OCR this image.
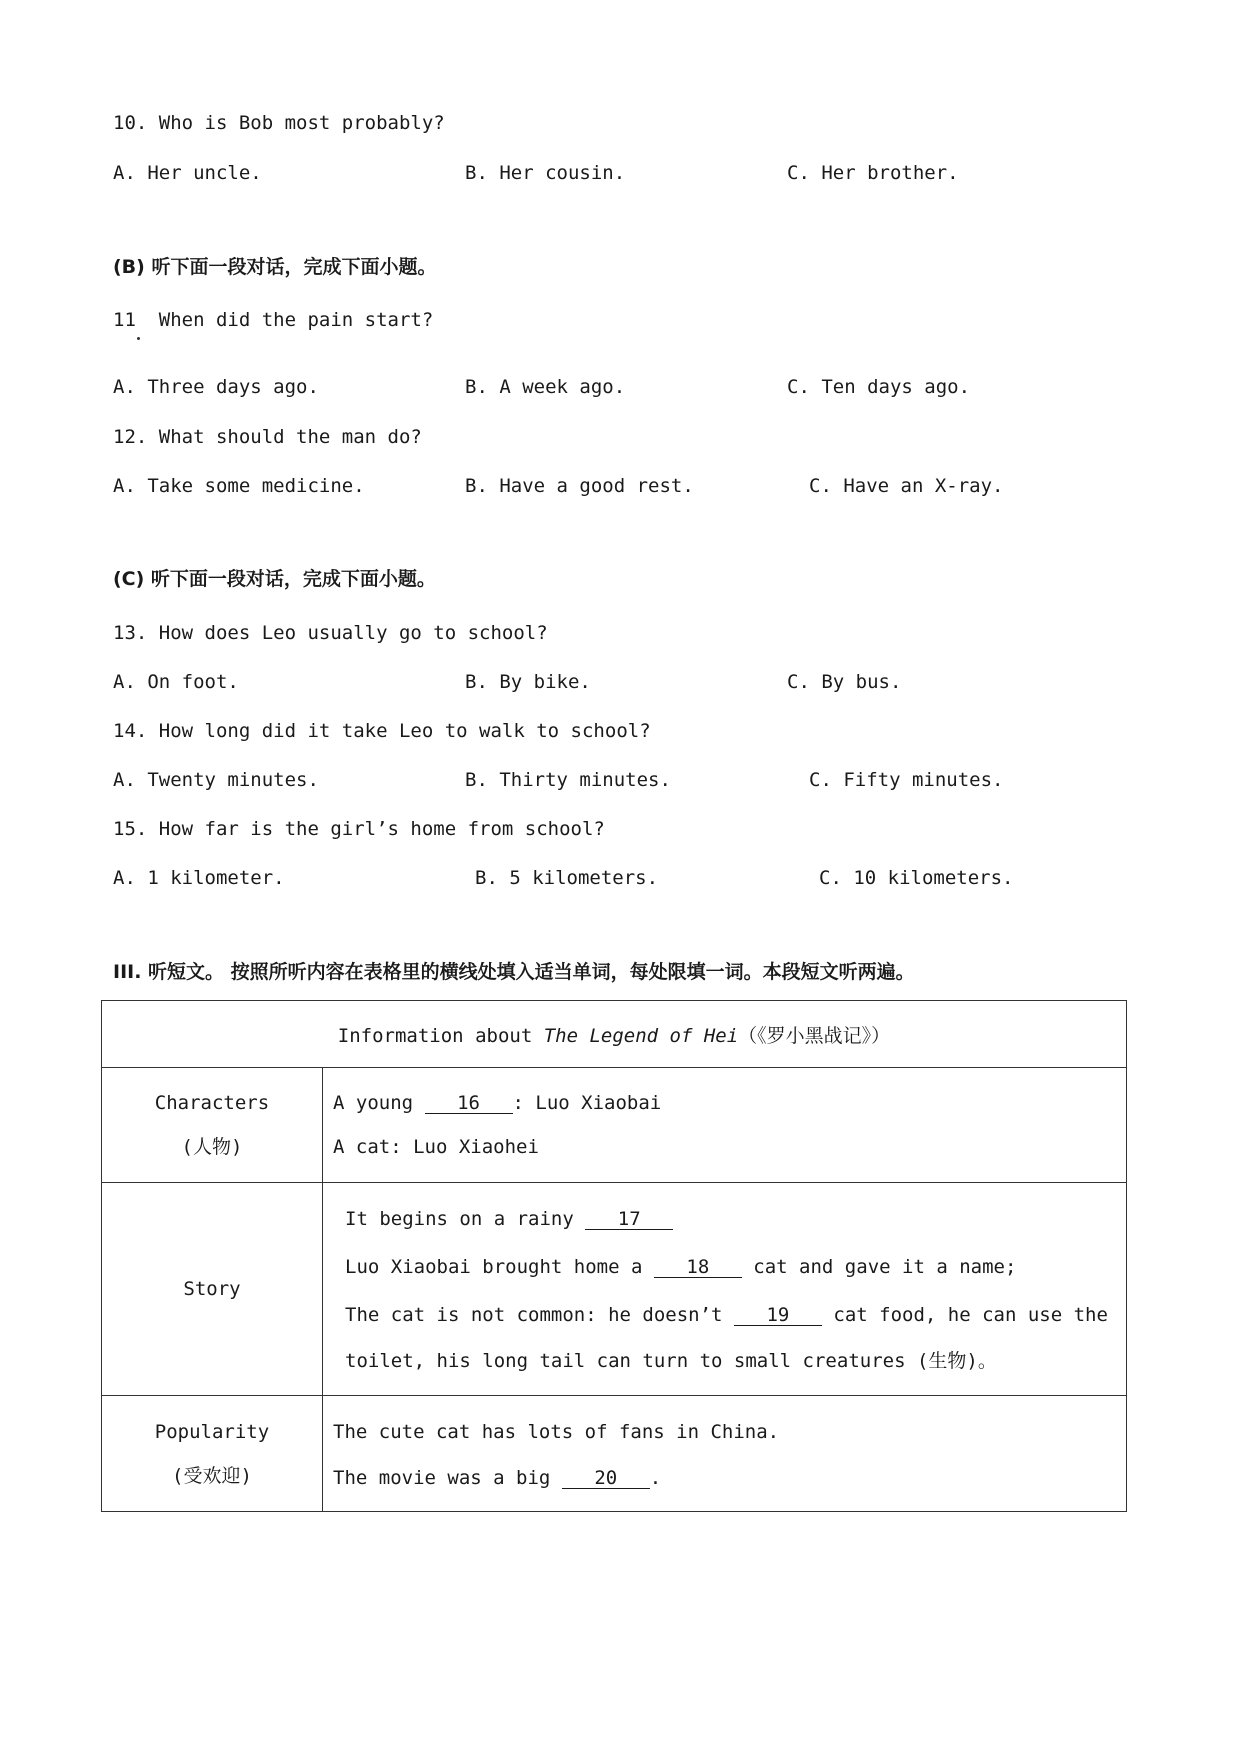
10. Who is Bob most probably?
A. Her uncle.	B. Her cousin.	C. Her brother.
(B) 听下面一段对话，完成下面小题。
11  When did the pain start?
A. Three days ago.	B. A week ago.	C. Ten days ago.
12. What should the man do?
A. Take some medicine.	B. Have a good rest.	C. Have an X-ray.
(C) 听下面一段对话，完成下面小题。
13. How does Leo usually go to school?
A. On foot.	B. By bike.	C. By bus.
14. How long did it take Leo to walk to school?
A. Twenty minutes.	B. Thirty minutes.	C. Fifty minutes.
15. How far is the girl’s home from school?
A. 1 kilometer.	B. 5 kilometers.	C. 10 kilometers.
III. 听短文。 按照所听内容在表格里的横线处填入适当单词，每处限填一词。本段短文听两遍。
Information about The Legend of Hei（《罗小黑战记》）	

Characters
(人物)	A young 16 : Luo Xiaobai
A cat: Luo Xiaohei

Story	It begins on a rainy 17
Luo Xiaobai brought home a 18 cat and gave it a name;
The cat is not common: he doesn’t 19 cat food, he can use the
toilet, his long tail can turn to small creatures (生物)。

Popularity
(受欢迎)	The cute cat has lots of fans in China.
The movie was a big 20 .
